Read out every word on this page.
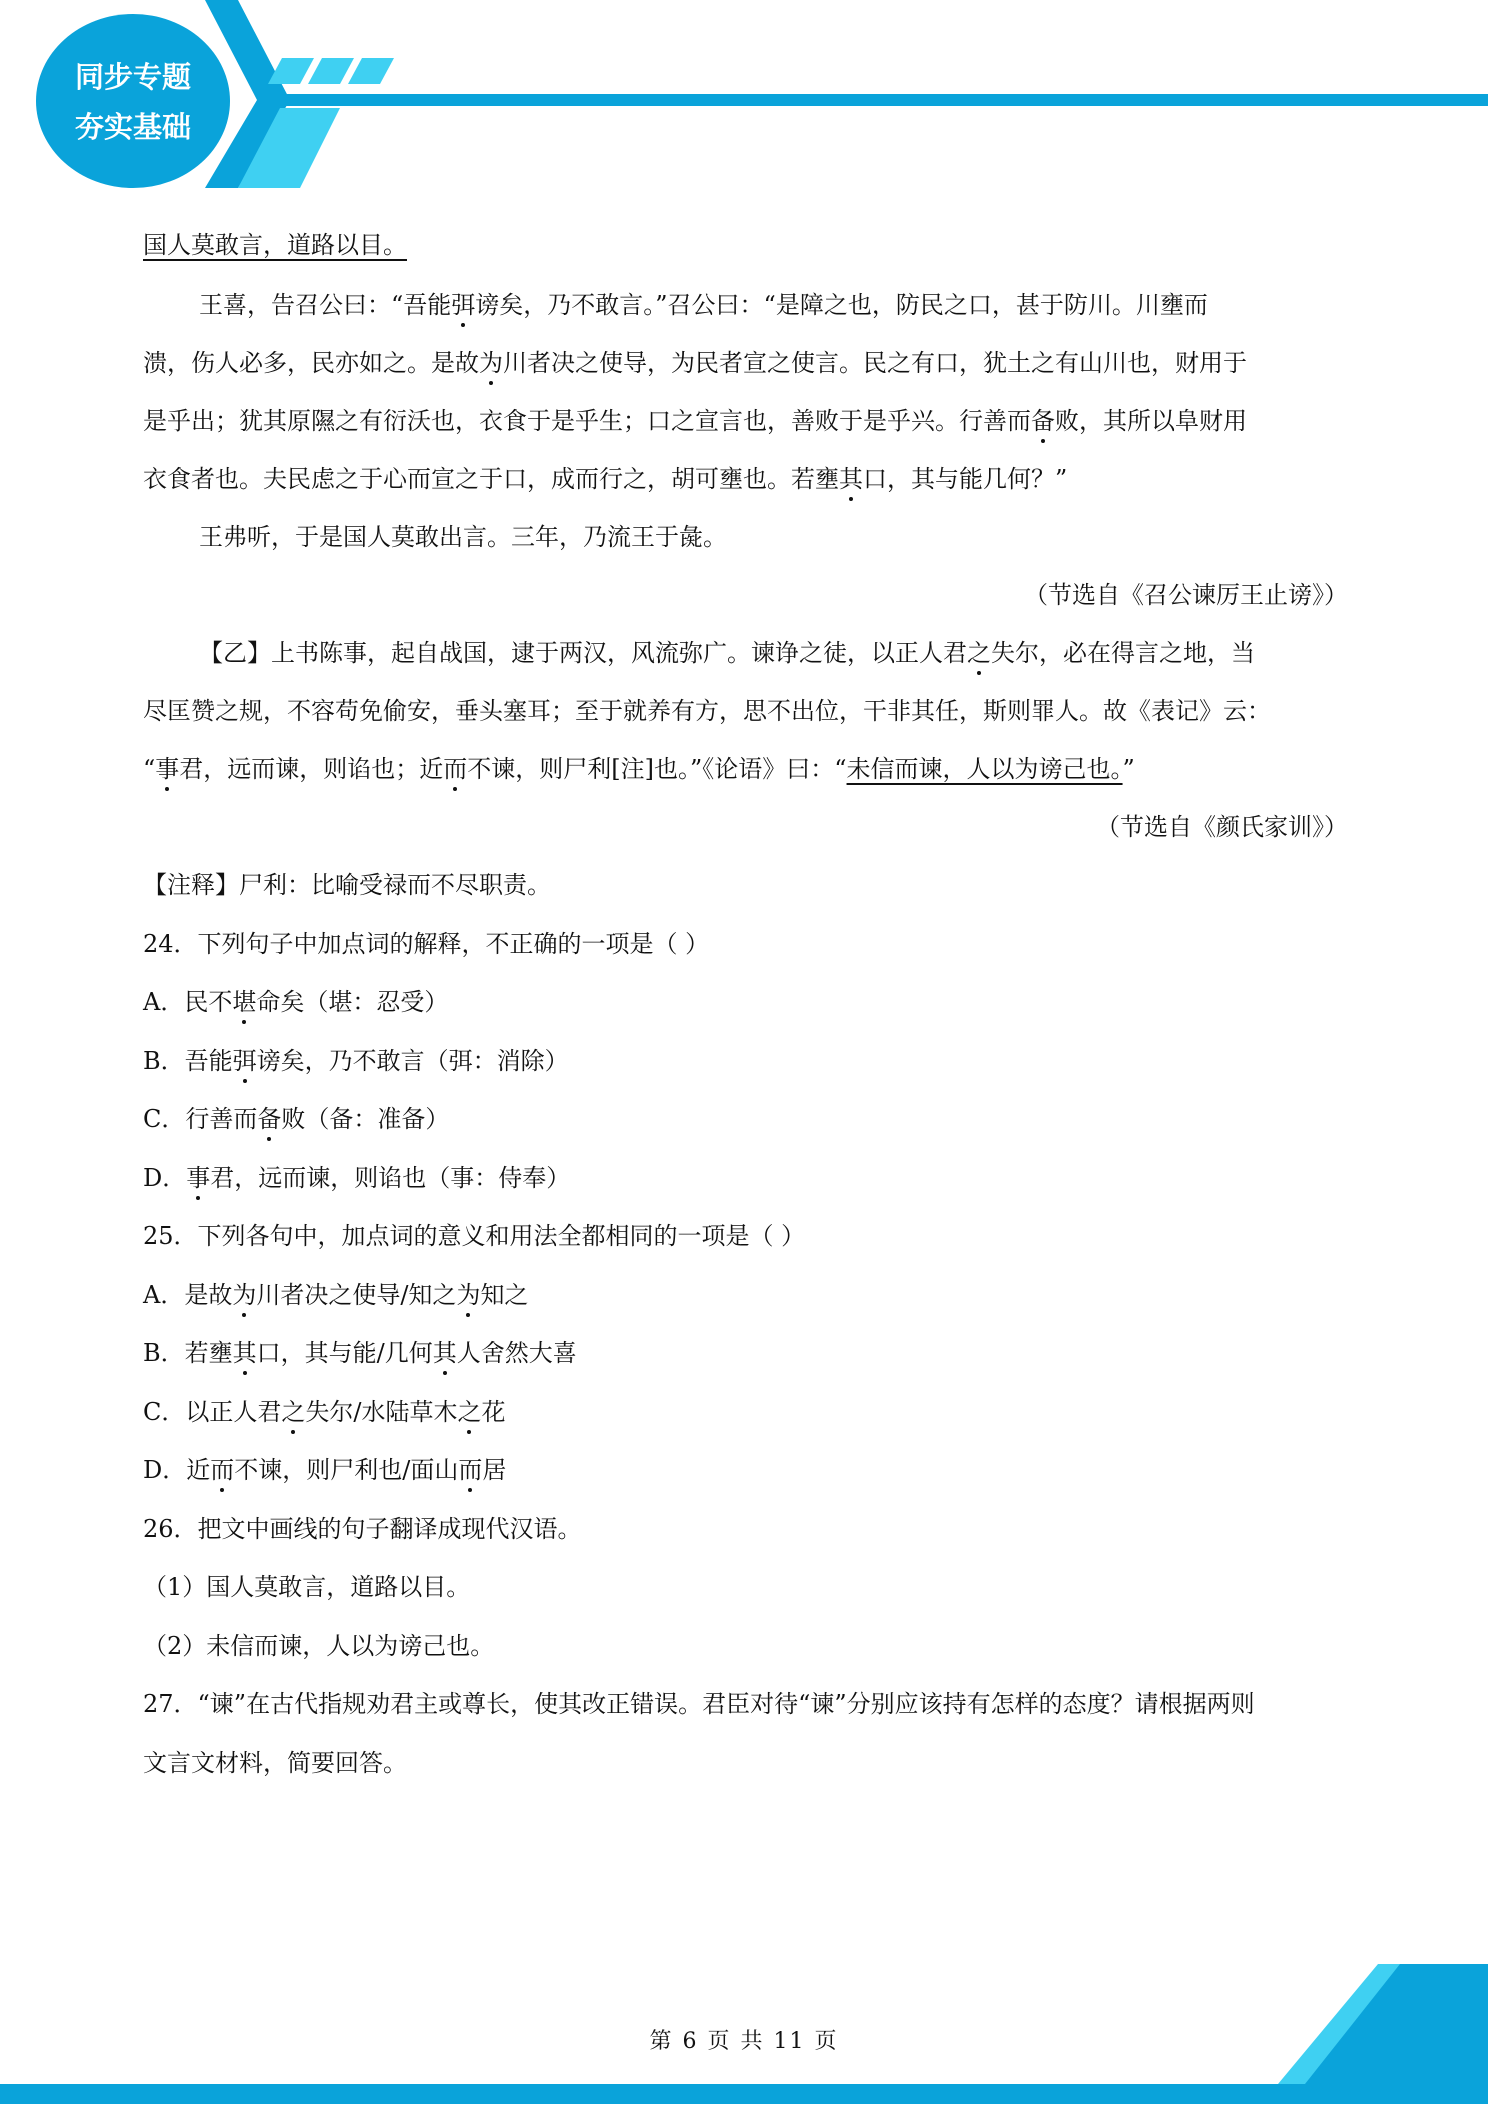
同步专题
夯实基础

国人莫敢言，道路以目。

王喜，告召公曰：“吾能弭谤矣，乃不敢言。”召公曰：“是障之也，防民之口，甚于防川。川壅而

溃，伤人必多，民亦如之。是故为川者决之使导，为民者宣之使言。民之有口，犹土之有山川也，财用于

是乎出；犹其原隰之有衍沃也，衣食于是乎生；口之宣言也，善败于是乎兴。行善而备败，其所以阜财用

衣食者也。夫民虑之于心而宣之于口，成而行之，胡可壅也。若壅其口，其与能几何？”

王弗听，于是国人莫敢出言。三年，乃流王于彘。

（节选自《召公谏厉王止谤》）

【乙】上书陈事，起自战国，逮于两汉，风流弥广。谏诤之徒，以正人君之失尔，必在得言之地，当

尽匡赞之规，不容苟免偷安，垂头塞耳；至于就养有方，思不出位，干非其任，斯则罪人。故《表记》云：

“事君，远而谏，则谄也；近而不谏，则尸利[注]也。”《论语》曰：“未信而谏，人以为谤己也。”

（节选自《颜氏家训》）

【注释】尸利：比喻受禄而不尽职责。

24．下列句子中加点词的解释，不正确的一项是（ ）

A．民不堪命矣（堪：忍受）

B．吾能弭谤矣，乃不敢言（弭：消除）

C．行善而备败（备：准备）

D．事君，远而谏，则谄也（事：侍奉）

25．下列各句中，加点词的意义和用法全都相同的一项是（ ）

A．是故为川者决之使导/知之为知之

B．若壅其口，其与能/几何其人舍然大喜

C．以正人君之失尔/水陆草木之花

D．近而不谏，则尸利也/面山而居

26．把文中画线的句子翻译成现代汉语。

（1）国人莫敢言，道路以目。

（2）未信而谏，人以为谤己也。

27．“谏”在古代指规劝君主或尊长，使其改正错误。君臣对待“谏”分别应该持有怎样的态度？请根据两则

文言文材料，简要回答。

第 6 页 共 11 页
